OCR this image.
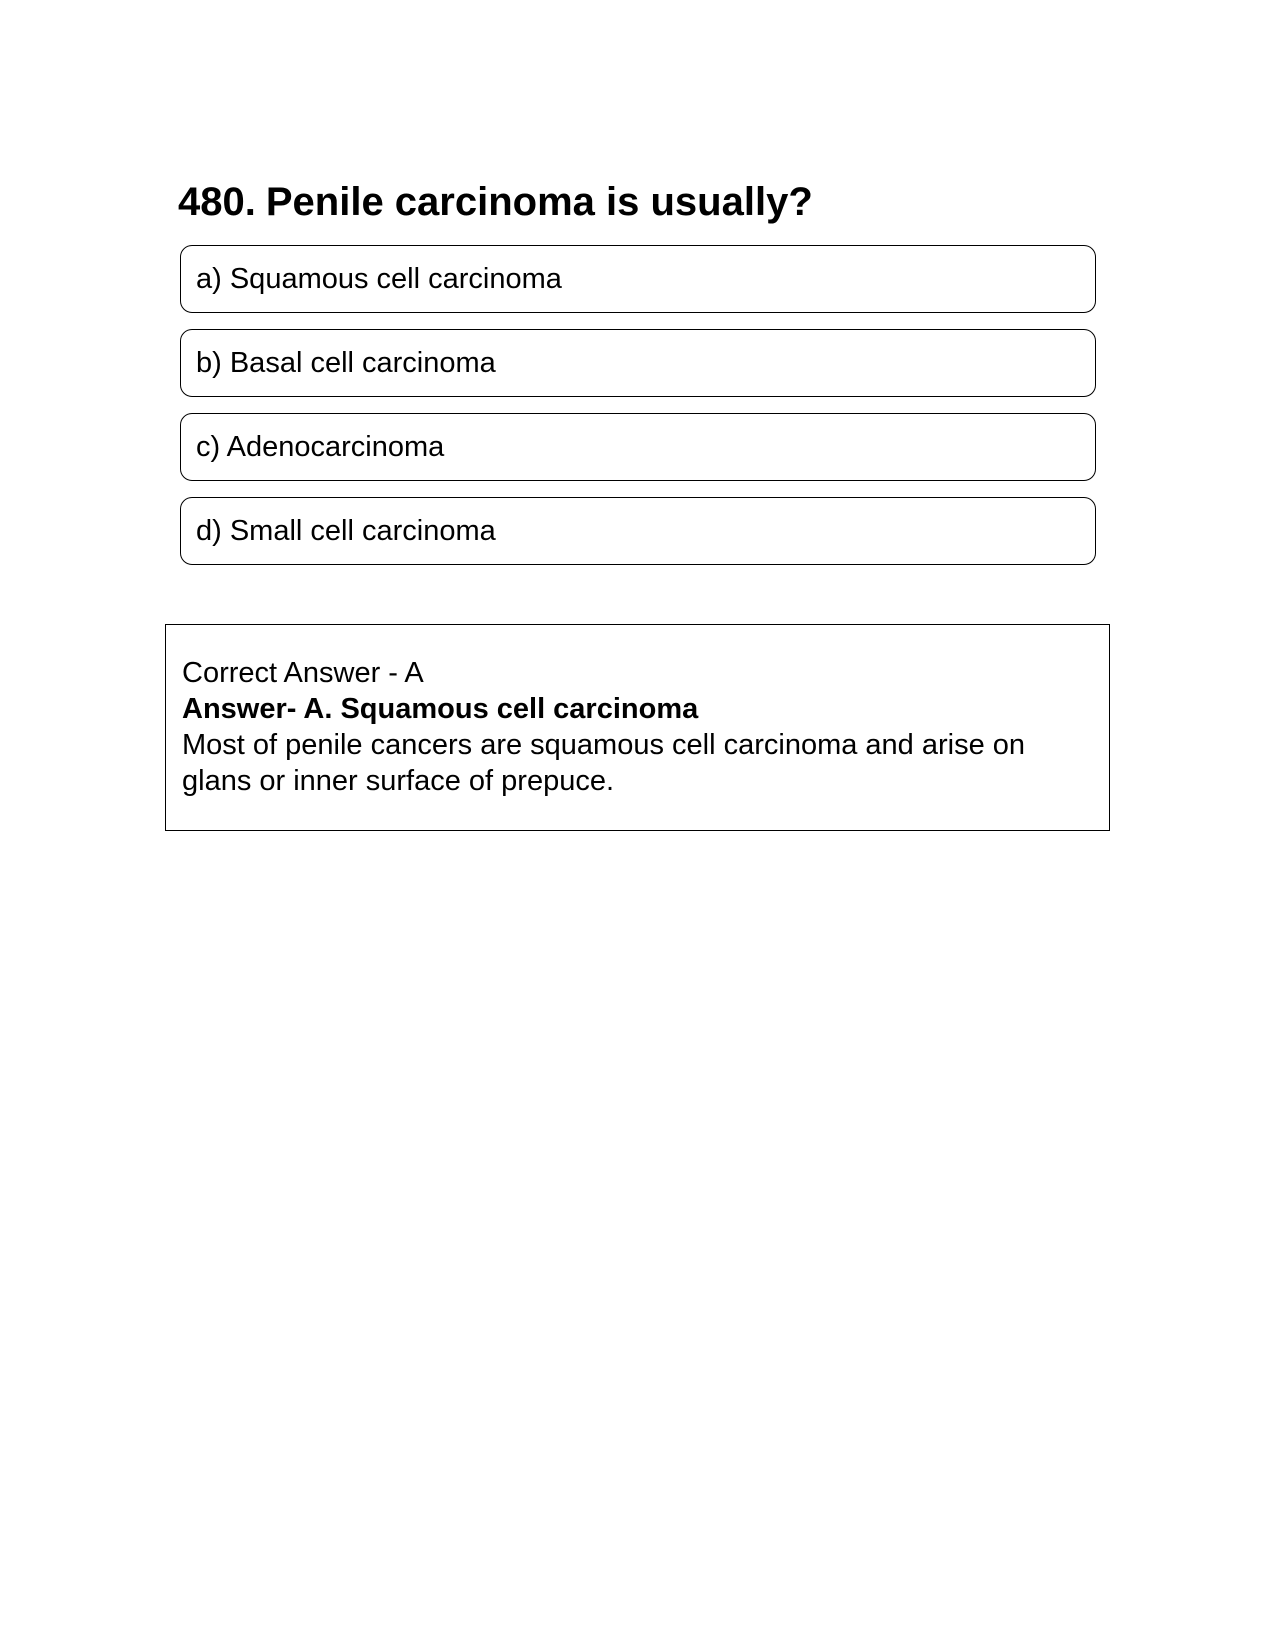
480. Penile carcinoma is usually?
a) Squamous cell carcinoma
b) Basal cell carcinoma
c) Adenocarcinoma
d) Small cell carcinoma

Correct Answer - A

Answer- A. Squamous cell carcinoma

Most of penile cancers are squamous cell carcinoma and arise on glans or inner surface of prepuce.
